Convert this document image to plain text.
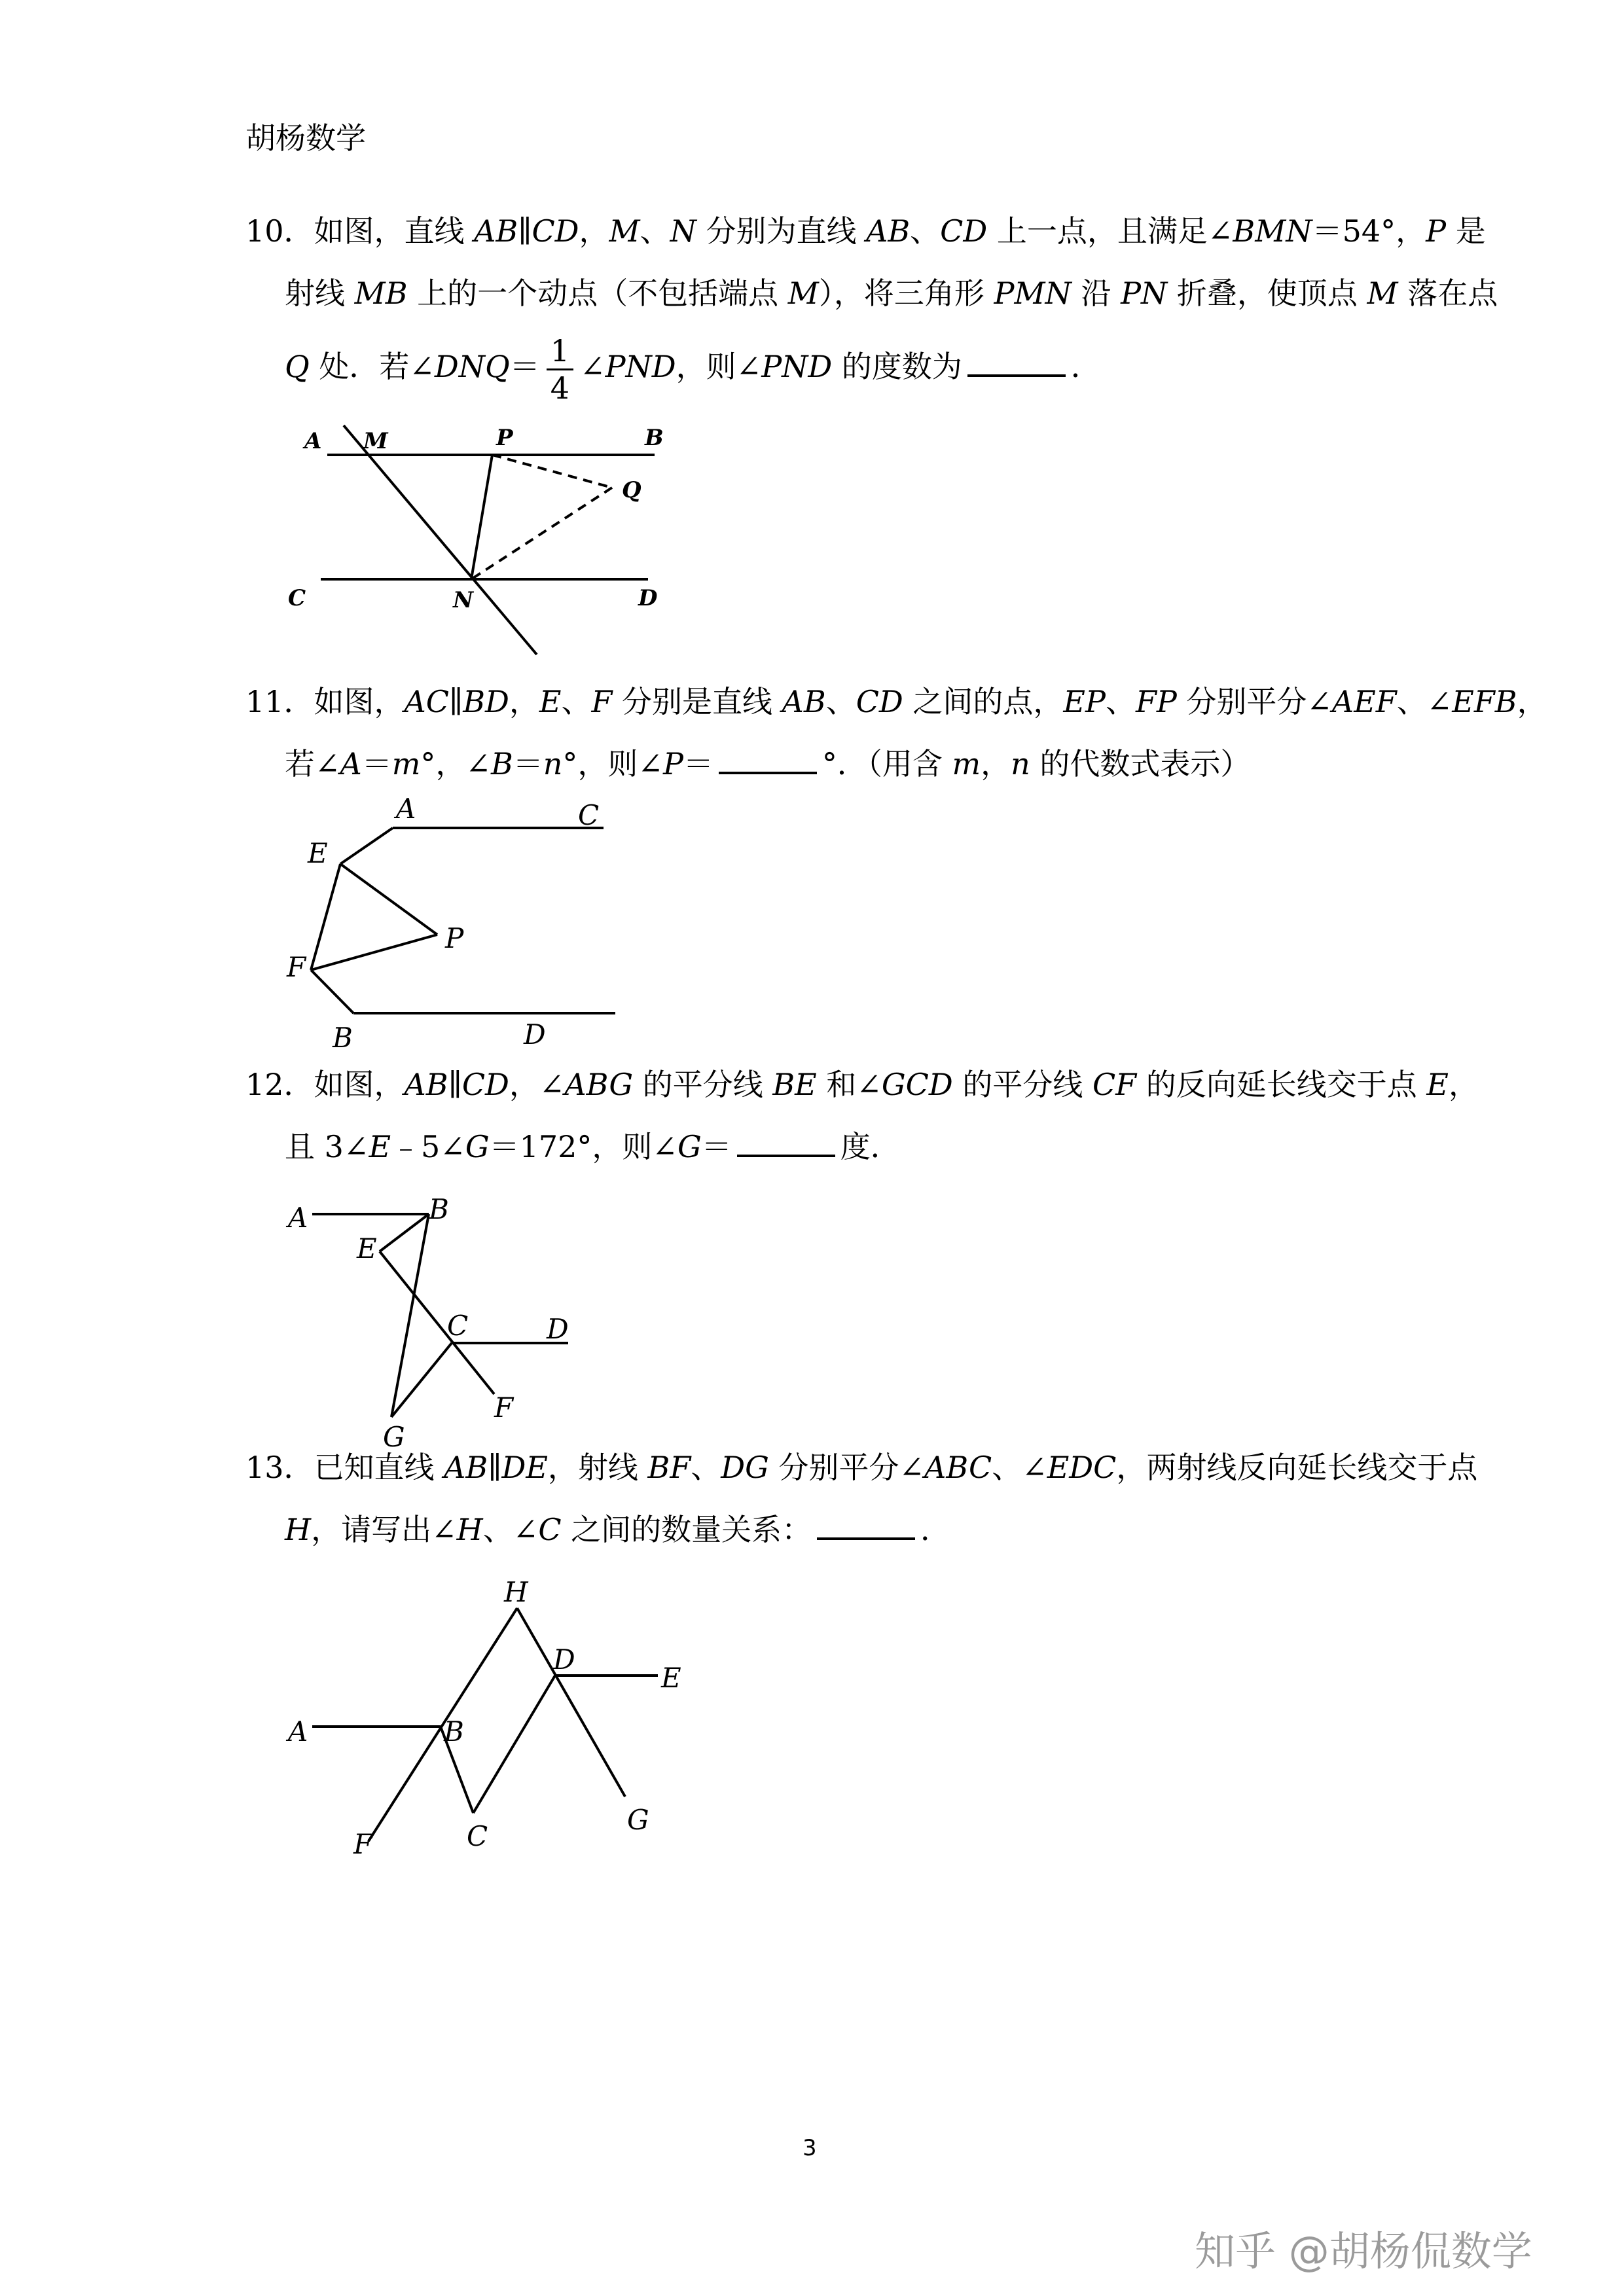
胡杨数学
10．如图，直线 AB∥CD，M、N 分别为直线 AB、CD 上一点，且满足∠BMN＝54°，P 是
射线 MB 上的一个动点（不包括端点 M），将三角形 PMN 沿 PN 折叠，使顶点 M 落在点
Q 处．若∠DNQ＝ $\frac{1}{4}$ ∠PND，则∠PND 的度数为	．
A M	P	B
Q
C	N	D
11．如图，AC∥BD，E、F 分别是直线 AB、CD 之间的点，EP、FP 分别平分∠AEF、∠EFB，
若∠A＝m°，∠B＝n°，则∠P＝	°．（用含 m，n 的代数式表示）
A	C
E
P
F
B	D
12．如图，AB∥CD，∠ABG 的平分线 BE 和∠GCD 的平分线 CF 的反向延长线交于点 E，
且 3∠E﹣5∠G＝172°，则∠G＝	度．
A	B
E
C	D
G
F
13．已知直线 AB∥DE，射线 BF、DG 分别平分∠ABC、∠EDC，两射线反向延长线交于点
H，请写出∠H、∠C 之间的数量关系：	．
H
D
E
A	B
F	C
G
3
知乎 @胡杨侃数学
